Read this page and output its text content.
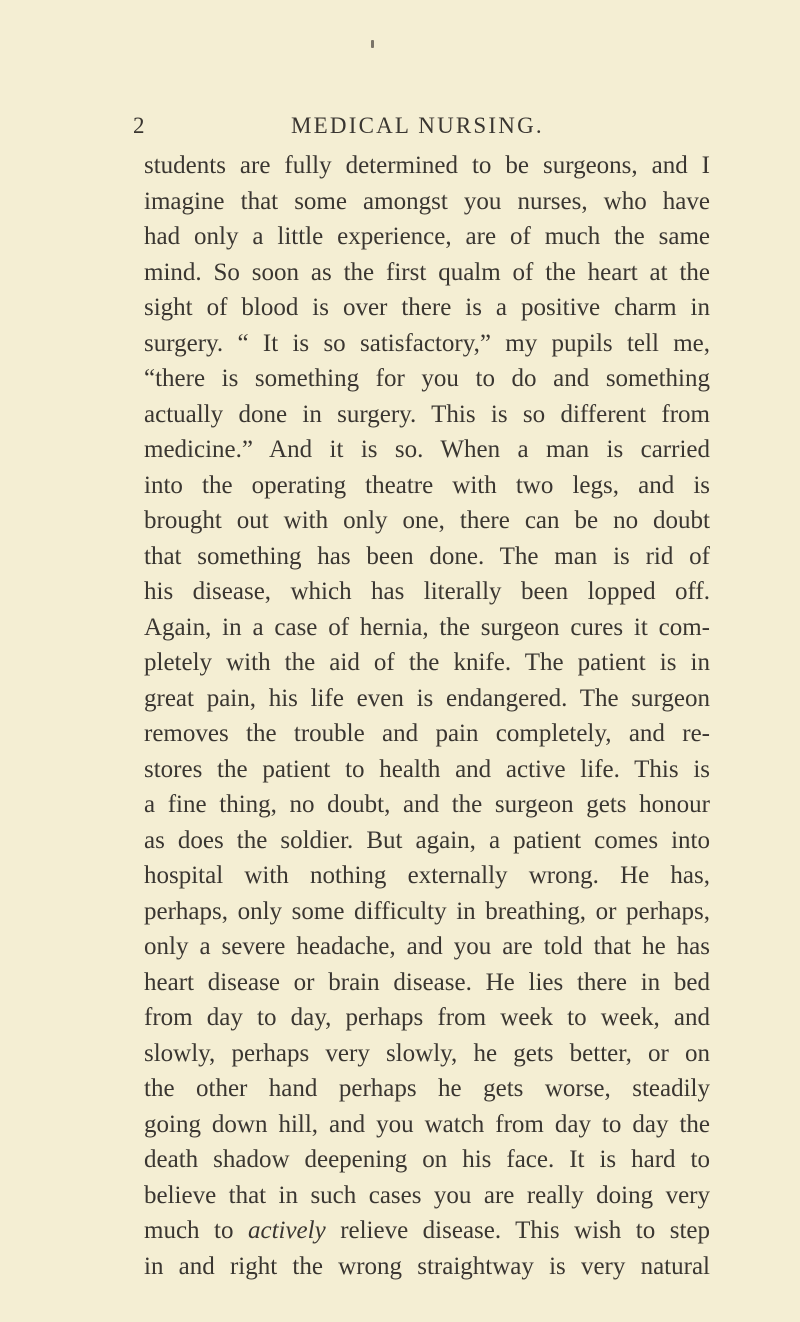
2	MEDICAL NURSING.
students are fully determined to be surgeons, and I
imagine that some amongst you nurses, who have
had only a little experience, are of much the same
mind. So soon as the first qualm of the heart at the
sight of blood is over there is a positive charm in
surgery. “ It is so satisfactory,” my pupils tell me,
“there is something for you to do and something
actually done in surgery. This is so different from
medicine.” And it is so. When a man is carried
into the operating theatre with two legs, and is
brought out with only one, there can be no doubt
that something has been done. The man is rid of
his disease, which has literally been lopped off.
Again, in a case of hernia, the surgeon cures it com-
pletely with the aid of the knife. The patient is in
great pain, his life even is endangered. The surgeon
removes the trouble and pain completely, and re-
stores the patient to health and active life. This is
a fine thing, no doubt, and the surgeon gets honour
as does the soldier. But again, a patient comes into
hospital with nothing externally wrong. He has,
perhaps, only some difficulty in breathing, or perhaps,
only a severe headache, and you are told that he has
heart disease or brain disease. He lies there in bed
from day to day, perhaps from week to week, and
slowly, perhaps very slowly, he gets better, or on
the other hand perhaps he gets worse, steadily
going down hill, and you watch from day to day the
death shadow deepening on his face. It is hard to
believe that in such cases you are really doing very
much to actively relieve disease. This wish to step
in and right the wrong straightway is very natural
